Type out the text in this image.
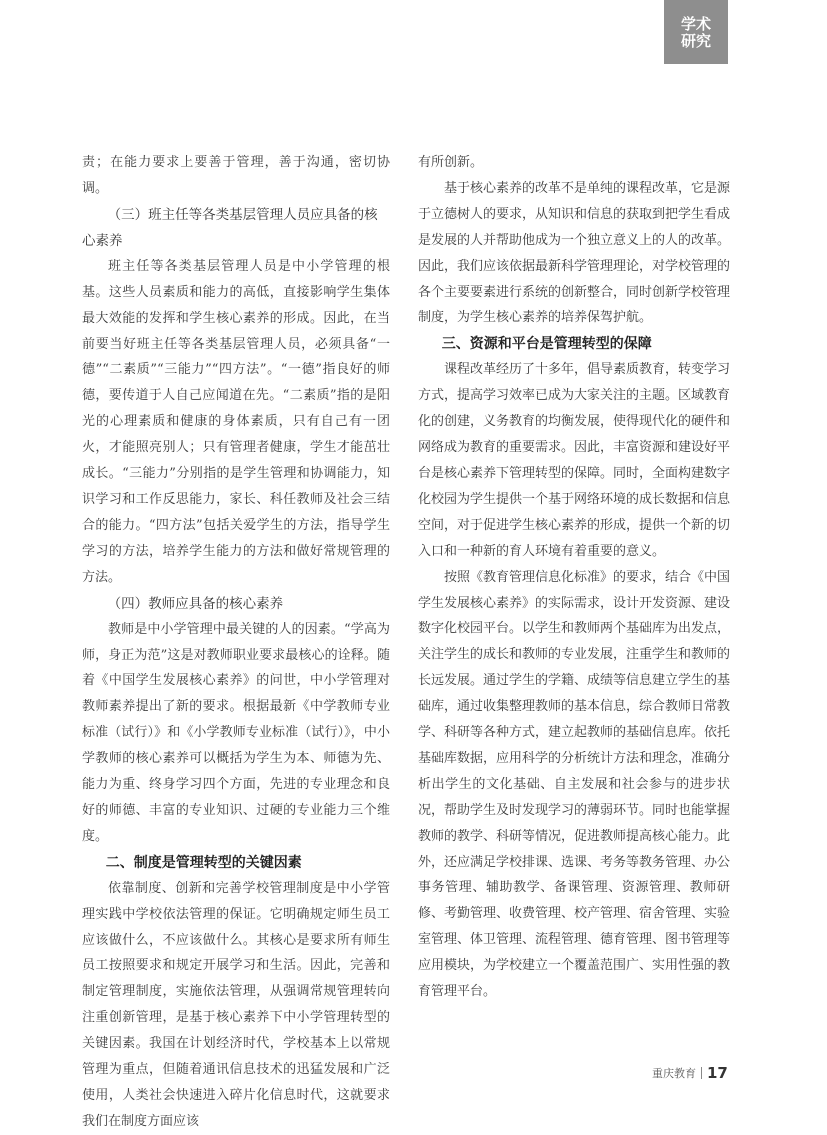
学术
研究

责；在能力要求上要善于管理，善于沟通，密切协调。

（三）班主任等各类基层管理人员应具备的核心素养

班主任等各类基层管理人员是中小学管理的根基。这些人员素质和能力的高低，直接影响学生集体最大效能的发挥和学生核心素养的形成。因此，在当前要当好班主任等各类基层管理人员，必须具备“一德”“二素质”“三能力”“四方法”。“一德”指良好的师德，要传道于人自己应闻道在先。“二素质”指的是阳光的心理素质和健康的身体素质，只有自己有一团火，才能照亮别人；只有管理者健康，学生才能茁壮成长。“三能力”分别指的是学生管理和协调能力，知识学习和工作反思能力，家长、科任教师及社会三结合的能力。“四方法”包括关爱学生的方法，指导学生学习的方法，培养学生能力的方法和做好常规管理的方法。

（四）教师应具备的核心素养

教师是中小学管理中最关键的人的因素。“学高为师，身正为范”这是对教师职业要求最核心的诠释。随着《中国学生发展核心素养》的问世，中小学管理对教师素养提出了新的要求。根据最新《中学教师专业标准（试行）》和《小学教师专业标准（试行）》，中小学教师的核心素养可以概括为学生为本、师德为先、能力为重、终身学习四个方面，先进的专业理念和良好的师德、丰富的专业知识、过硬的专业能力三个维度。

二、制度是管理转型的关键因素

依靠制度、创新和完善学校管理制度是中小学管理实践中学校依法管理的保证。它明确规定师生员工应该做什么，不应该做什么。其核心是要求所有师生员工按照要求和规定开展学习和生活。因此，完善和制定管理制度，实施依法管理，从强调常规管理转向注重创新管理，是基于核心素养下中小学管理转型的关键因素。我国在计划经济时代，学校基本上以常规管理为重点，但随着通讯信息技术的迅猛发展和广泛使用，人类社会快速进入碎片化信息时代，这就要求我们在制度方面应该

有所创新。

基于核心素养的改革不是单纯的课程改革，它是源于立德树人的要求，从知识和信息的获取到把学生看成是发展的人并帮助他成为一个独立意义上的人的改革。因此，我们应该依据最新科学管理理论，对学校管理的各个主要要素进行系统的创新整合，同时创新学校管理制度，为学生核心素养的培养保驾护航。

三、资源和平台是管理转型的保障

课程改革经历了十多年，倡导素质教育，转变学习方式，提高学习效率已成为大家关注的主题。区域教育化的创建，义务教育的均衡发展，使得现代化的硬件和网络成为教育的重要需求。因此，丰富资源和建设好平台是核心素养下管理转型的保障。同时，全面构建数字化校园为学生提供一个基于网络环境的成长数据和信息空间，对于促进学生核心素养的形成，提供一个新的切入口和一种新的育人环境有着重要的意义。

按照《教育管理信息化标准》的要求，结合《中国学生发展核心素养》的实际需求，设计开发资源、建设数字化校园平台。以学生和教师两个基础库为出发点，关注学生的成长和教师的专业发展，注重学生和教师的长远发展。通过学生的学籍、成绩等信息建立学生的基础库，通过收集整理教师的基本信息，综合教师日常教学、科研等各种方式，建立起教师的基础信息库。依托基础库数据，应用科学的分析统计方法和理念，准确分析出学生的文化基础、自主发展和社会参与的进步状况，帮助学生及时发现学习的薄弱环节。同时也能掌握教师的教学、科研等情况，促进教师提高核心能力。此外，还应满足学校排课、选课、考务等教务管理、办公事务管理、辅助教学、备课管理、资源管理、教师研修、考勤管理、收费管理、校产管理、宿舍管理、实验室管理、体卫管理、流程管理、德育管理、图书管理等应用模块，为学校建立一个覆盖范围广、实用性强的教育管理平台。

重庆教育 17
